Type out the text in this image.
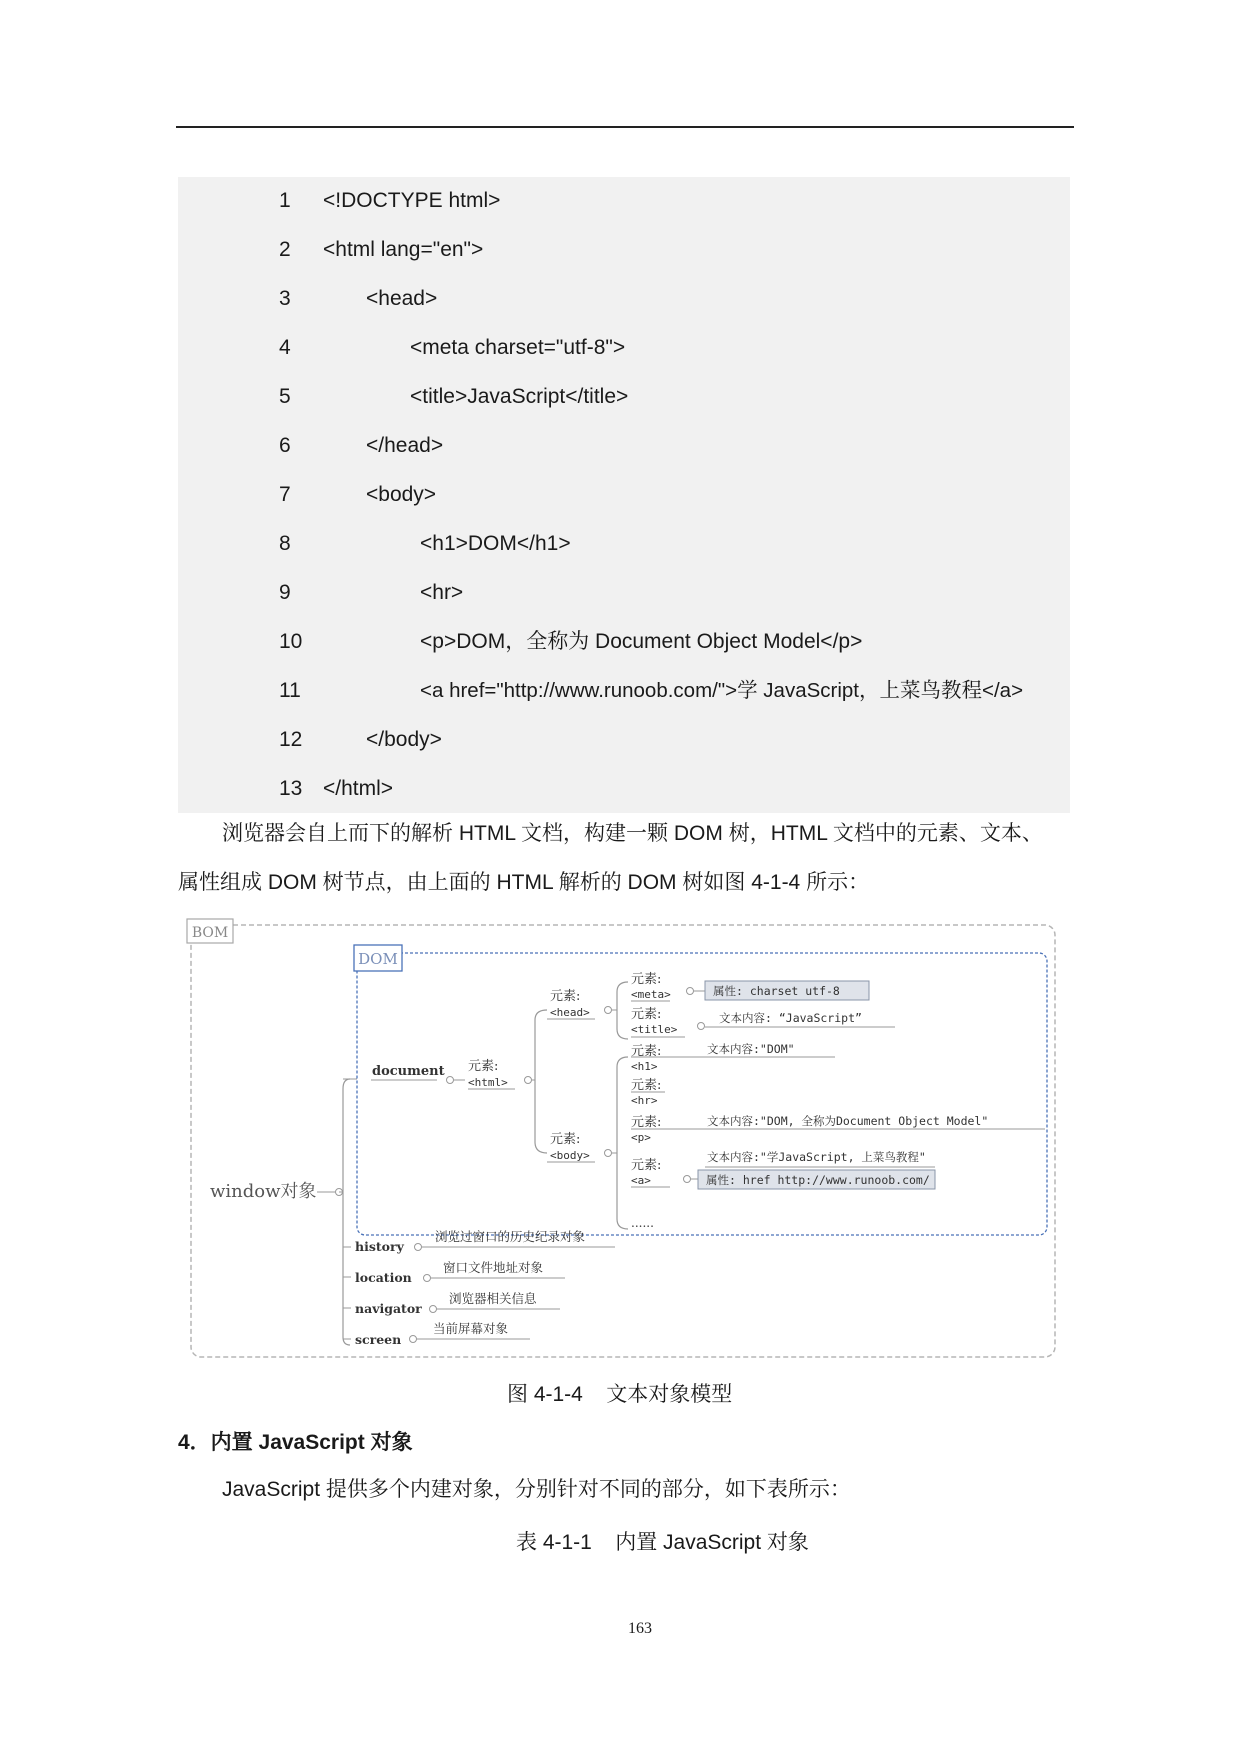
1 <!DOCTYPE html>
2 <html lang="en">
3	<head>
4	<meta charset="utf-8">
5	<title>JavaScript</title>
6	</head>
7	<body>
8	<h1>DOM</h1>
9	<hr>
10	<p>DOM，全称为 Document Object Model</p>
11	<a href="http://www.runoob.com/">学 JavaScript，上菜鸟教程</a>
12	</body>
13 </html>
浏览器会自上而下的解析 HTML 文档，构建一颗 DOM 树，HTML 文档中的元素、文本、
属性组成 DOM 树节点，由上面的 HTML 解析的 DOM 树如图 4-1-4 所示：
BOM
DOM
window对象
document 元素:
<html>
元素:
<head>
元素:
<meta>	属性: charset utf-8
元素:
<title>
文本内容: “JavaScript”
元素:
<body>
元素:
<h1>
文本内容:"DOM"
元素:
<hr>
元素:
<p>
文本内容:"DOM, 全称为Document Object Model"
元素:
<a>
文本内容:"学JavaScript, 上菜鸟教程"
属性: href http://www.runoob.com/
......
history
浏览过窗口的历史纪录对象
location
窗口文件地址对象
navigator
浏览器相关信息
screen
当前屏幕对象
图 4-1-4    文本对象模型
4．内置 JavaScript 对象
JavaScript 提供多个内建对象，分别针对不同的部分，如下表所示：
表 4-1-1    内置 JavaScript 对象
163
